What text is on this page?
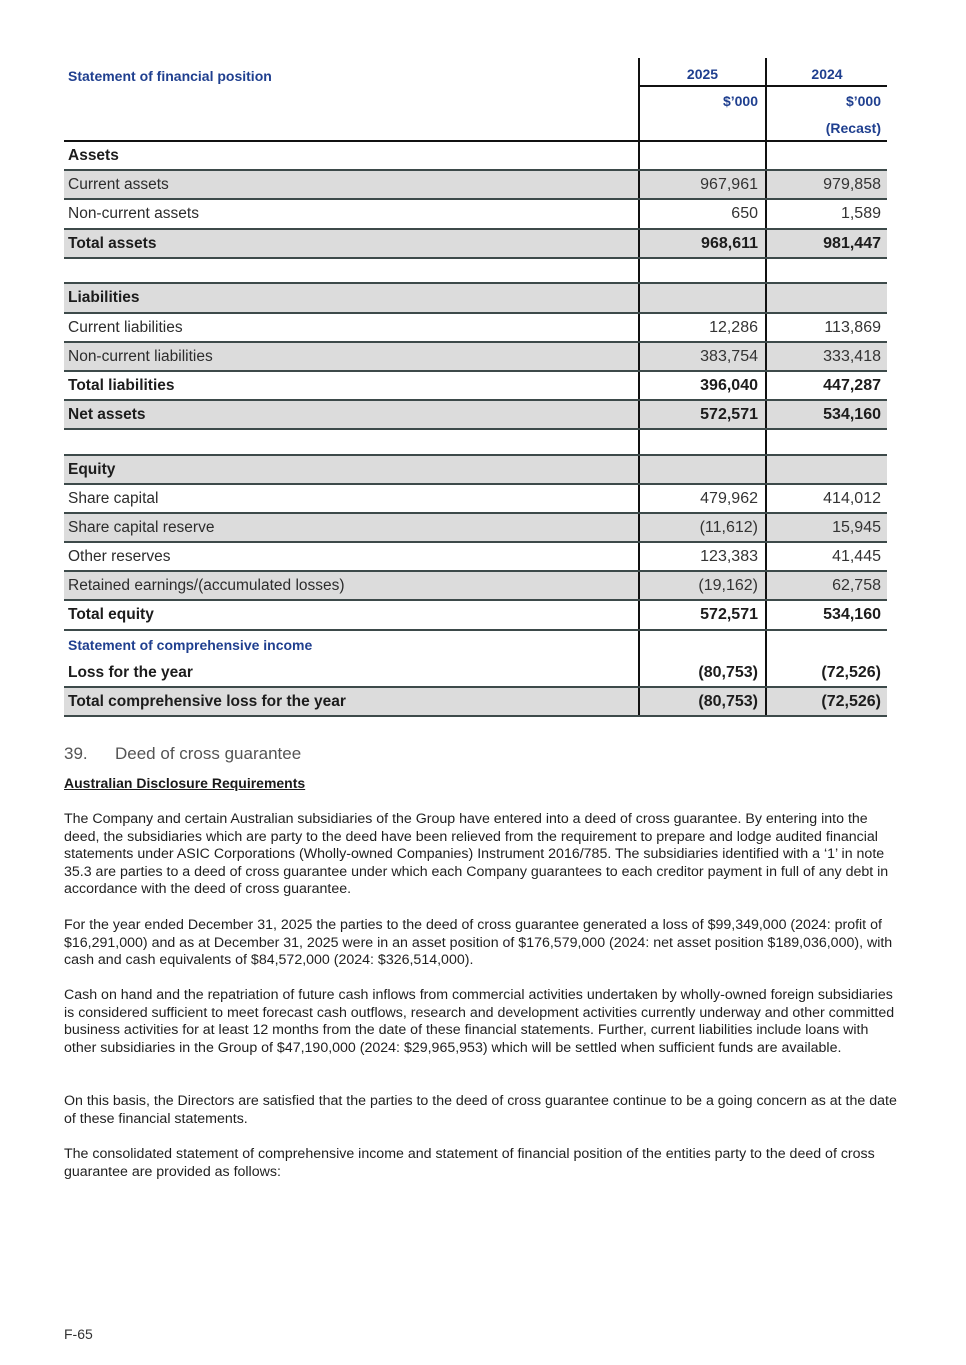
Statement of financial position	2025	2024
$’000	$’000
(Recast)
Assets
Current assets	967,961	979,858
Non-current assets	650	1,589
Total assets	968,611	981,447
Liabilities
Current liabilities	12,286	113,869
Non-current liabilities	383,754	333,418
Total liabilities	396,040	447,287
Net assets	572,571	534,160
Equity
Share capital	479,962	414,012
Share capital reserve	(11,612)	15,945
Other reserves	123,383	41,445
Retained earnings/(accumulated losses)	(19,162)	62,758
Total equity	572,571	534,160
Statement of comprehensive income
Loss for the year	(80,753)	(72,526)
Total comprehensive loss for the year	(80,753)	(72,526)
39. Deed of cross guarantee
Australian Disclosure Requirements
The Company and certain Australian subsidiaries of the Group have entered into a deed of cross guarantee. By entering into the deed, the subsidiaries which are party to the deed have been relieved from the requirement to prepare and lodge audited financial statements under ASIC Corporations (Wholly-owned Companies) Instrument 2016/785. The subsidiaries identified with a ‘1’ in note 35.3 are parties to a deed of cross guarantee under which each Company guarantees to each creditor payment in full of any debt in accordance with the deed of cross guarantee.
For the year ended December 31, 2025 the parties to the deed of cross guarantee generated a loss of $99,349,000 (2024: profit of $16,291,000) and as at December 31, 2025 were in an asset position of $176,579,000 (2024: net asset position $189,036,000), with cash and cash equivalents of $84,572,000 (2024: $326,514,000).
Cash on hand and the repatriation of future cash inflows from commercial activities undertaken by wholly-owned foreign subsidiaries is considered sufficient to meet forecast cash outflows, research and development activities currently underway and other committed business activities for at least 12 months from the date of these financial statements. Further, current liabilities include loans with other subsidiaries in the Group of $47,190,000 (2024: $29,965,953) which will be settled when sufficient funds are available.
On this basis, the Directors are satisfied that the parties to the deed of cross guarantee continue to be a going concern as at the date of these financial statements.
The consolidated statement of comprehensive income and statement of financial position of the entities party to the deed of cross guarantee are provided as follows:
F-65
